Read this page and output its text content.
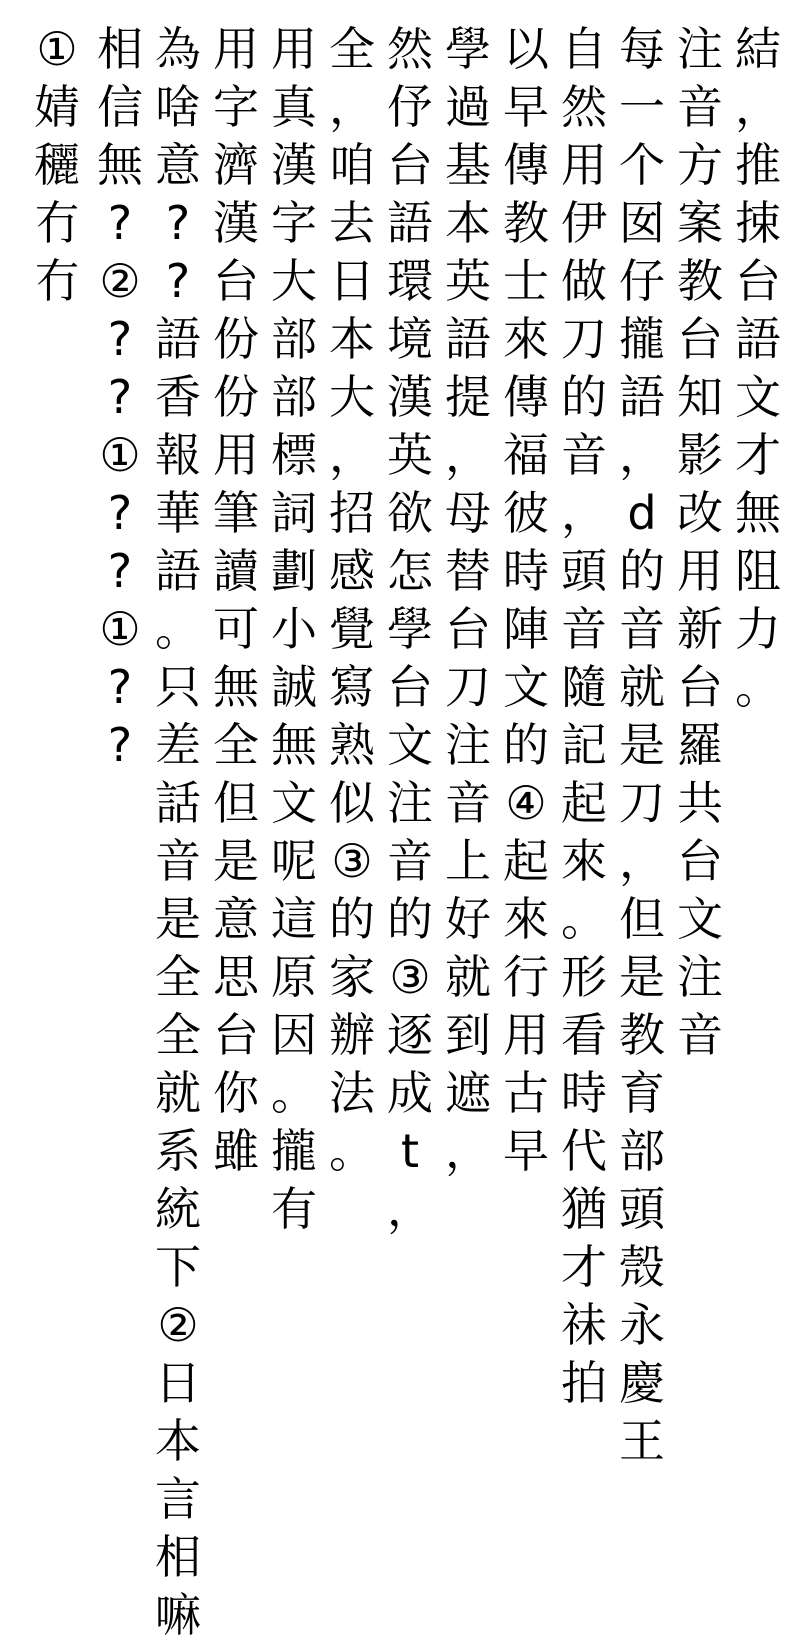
結
，
推
捒
台
語
文
才
無
阻
力
。
注
音
方
案
教
台
知
影
改
用
新
台
羅
共
台
文
注
音
每
一
个
囡
仔
攏
語
，
d
的
音
就
是
刀
，
但
是
教
育
部
頭
殼
永
慶
王
自
然
用
伊
做
刀
的
音
，
頭
音
隨
記
起
來
。
形
看
時
代
猶
才
祙
拍
以
早
傳
教
士
來
傳
福
彼
時
陣
文
的
④
起
來
行
用
古
早
學
過
基
本
英
語
提
，
母
替
台
刀
注
音
上
好
就
到
遮
，
然
伃
台
語
環
境
漢
英
欲
怎
學
台
文
注
音
的
③
逐
成
t
，
全
，
咱
去
日
本
大
，
招
感
覺
寫
熟
似
③
的
家
辦
法
。
用
真
漢
字
大
部
部
標
詞
劃
小
誠
無
文
呢
這
原
因
。
攏
有
用
字
濟
漢
台
份
份
用
筆
讀
可
無
全
但
是
意
思
台
你
雖
為
啥
意
?
?
語
香
報
華
語
。
只
差
話
音
是
全
全
就
系
統
下
②
日
本
言
相
嘛
相
信
無
?
②
?
?
①
?
?
①
?
?
①
婧
穲
冇
冇
